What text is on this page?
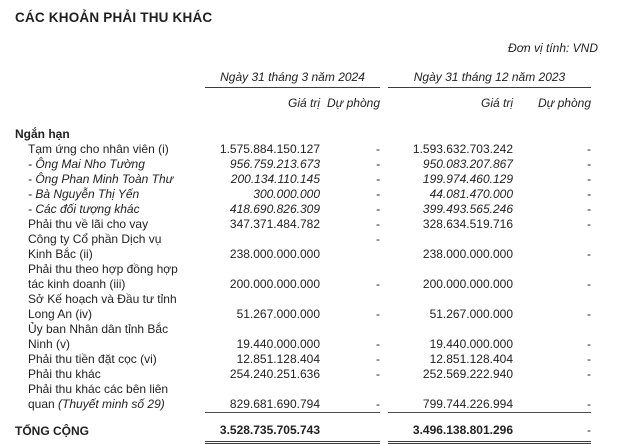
CÁC KHOẢN PHẢI THU KHÁC
Đơn vị tính: VND
	Ngày 31 tháng 3 năm 2024			Ngày 31 tháng 12 năm 2023	
	Giá trị	Dự phòng		Giá trị	Dự phòng
Ngắn hạn					

Tạm ứng cho nhân viên (i)	1.575.884.150.127	-		1.593.632.703.242	-

- Ông Mai Nho Tường	956.759.213.673	-		950.083.207.867	-

- Ông Phan Minh Toàn Thư	200.134.110.145	-		199.974.460.129	-

- Bà Nguyễn Thị Yến	300.000.000	-		44.081.470.000	-

- Các đối tượng khác	418.690.826.309	-		399.493.565.246	-

Phải thu về lãi cho vay	347.371.484.782	-		328.634.519.716	-

Công ty Cổ phần Dịch vụ
Kinh Bắc (ii)	238.000.000.000	-		238.000.000.000	-

Phải thu theo hợp đồng hợp
tác kinh doanh (iii)	200.000.000.000	-		200.000.000.000	-

Sở Kế hoạch và Đầu tư tỉnh
Long An (iv)	51.267.000.000	-		51.267.000.000	-

Ủy ban Nhân dân tỉnh Bắc
Ninh (v)	19.440.000.000	-		19.440.000.000	-

Phải thu tiền đặt cọc (vi)	12.851.128.404	-		12.851.128.404	-

Phải thu khác	254.240.251.636	-		252.569.222.940	-

Phải thu khác các bên liên
quan (Thuyết minh số 29)	829.681.690.794	-		799.744.226.994	-
TỔNG CỘNG	3.528.735.705.743			3.496.138.801.296	-
